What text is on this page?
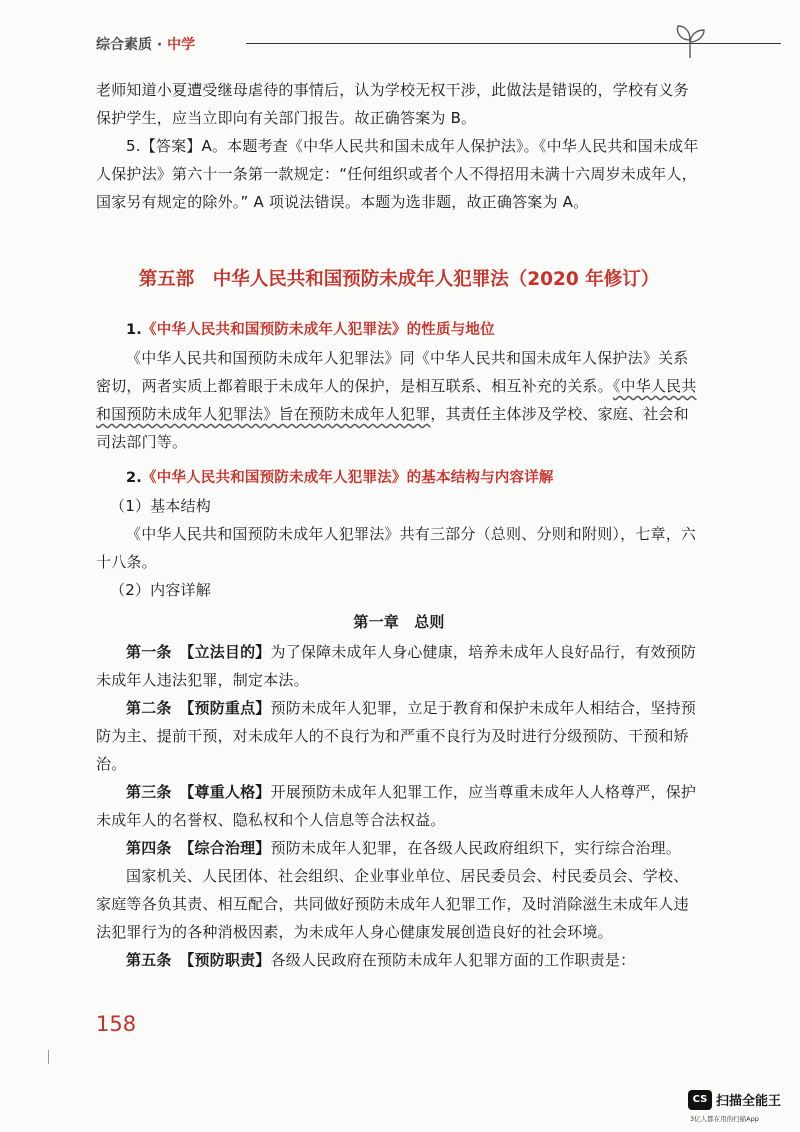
综合素质 · 中学

老师知道小夏遭受继母虐待的事情后，认为学校无权干涉，此做法是错误的，学校有义务保护学生，应当立即向有关部门报告。故正确答案为 B。

5.【答案】A。本题考查《中华人民共和国未成年人保护法》。《中华人民共和国未成年人保护法》第六十一条第一款规定：“任何组织或者个人不得招用未满十六周岁未成年人，国家另有规定的除外。” A 项说法错误。本题为选非题，故正确答案为 A。

第五部　中华人民共和国预防未成年人犯罪法（2020 年修订）

1.《中华人民共和国预防未成年人犯罪法》的性质与地位

《中华人民共和国预防未成年人犯罪法》同《中华人民共和国未成年人保护法》关系密切，两者实质上都着眼于未成年人的保护，是相互联系、相互补充的关系。《中华人民共和国预防未成年人犯罪法》旨在预防未成年人犯罪，其责任主体涉及学校、家庭、社会和司法部门等。

2.《中华人民共和国预防未成年人犯罪法》的基本结构与内容详解

（1）基本结构

《中华人民共和国预防未成年人犯罪法》共有三部分（总则、分则和附则），七章，六十八条。

（2）内容详解

第一章　总则

第一条　【立法目的】为了保障未成年人身心健康，培养未成年人良好品行，有效预防未成年人违法犯罪，制定本法。

第二条　【预防重点】预防未成年人犯罪，立足于教育和保护未成年人相结合，坚持预防为主、提前干预，对未成年人的不良行为和严重不良行为及时进行分级预防、干预和矫治。

第三条　【尊重人格】开展预防未成年人犯罪工作，应当尊重未成年人人格尊严，保护未成年人的名誉权、隐私权和个人信息等合法权益。

第四条　【综合治理】预防未成年人犯罪，在各级人民政府组织下，实行综合治理。

国家机关、人民团体、社会组织、企业事业单位、居民委员会、村民委员会、学校、家庭等各负其责、相互配合，共同做好预防未成年人犯罪工作，及时消除滋生未成年人违法犯罪行为的各种消极因素，为未成年人身心健康发展创造良好的社会环境。

第五条　【预防职责】各级人民政府在预防未成年人犯罪方面的工作职责是：

158
CS 扫描全能王
3亿人都在用的扫描App
